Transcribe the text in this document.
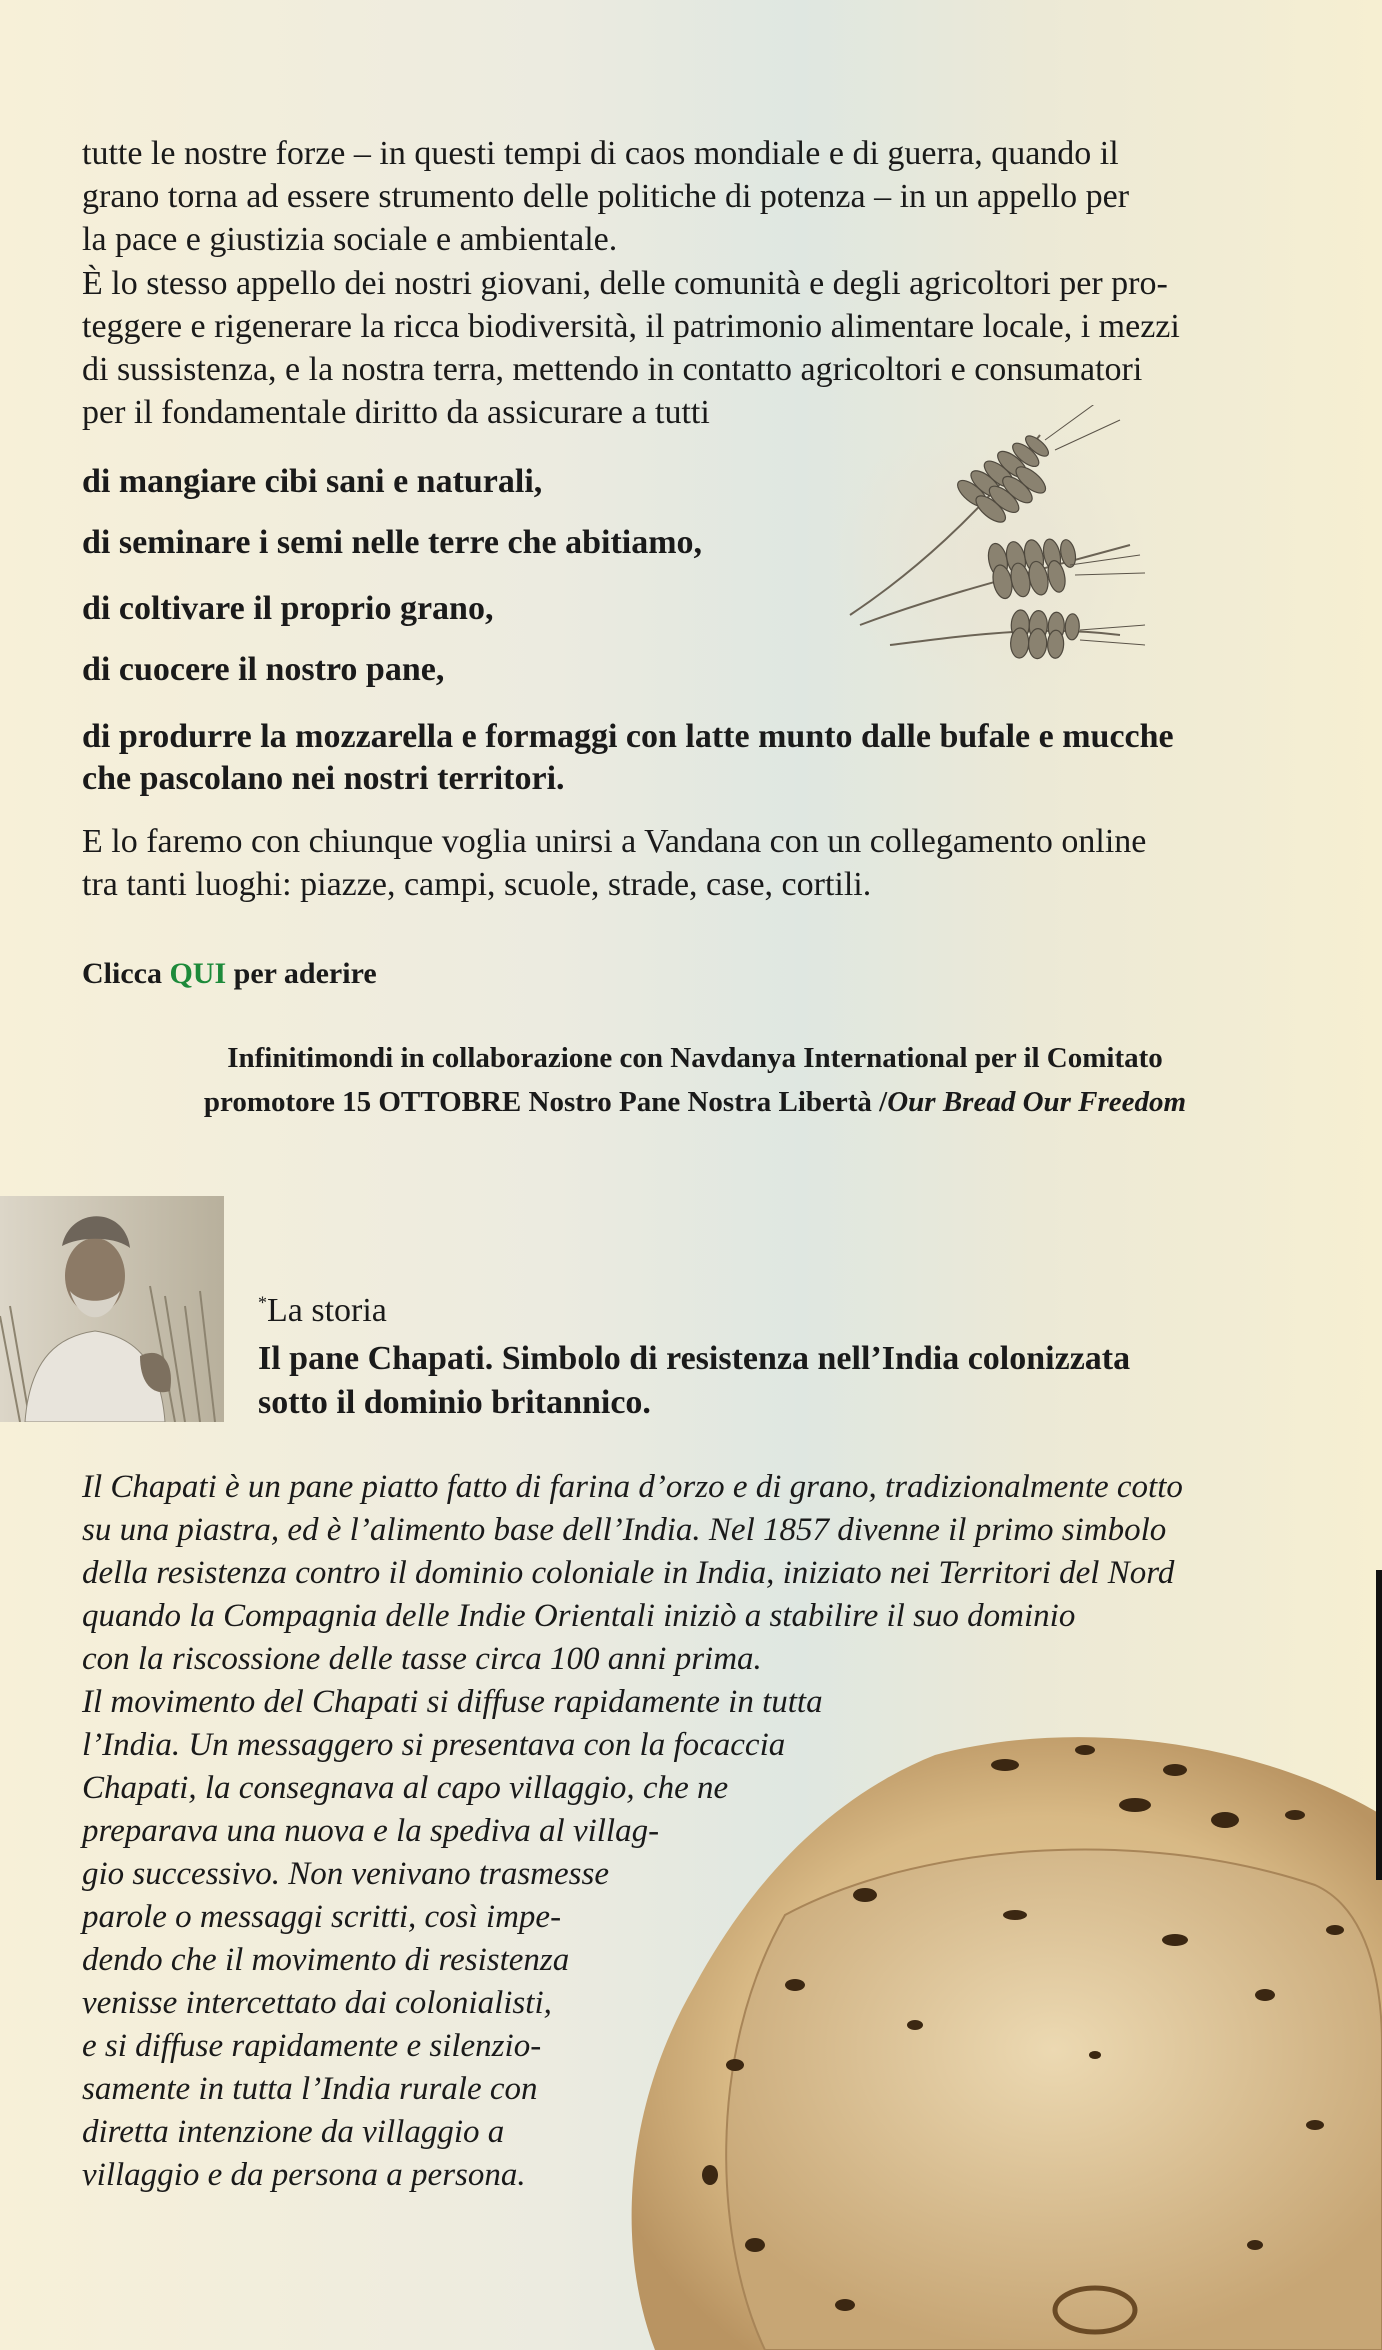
tutte le nostre forze – in questi tempi di caos mondiale e di guerra, quando il
grano torna ad essere strumento delle politiche di potenza – in un appello per
la pace e giustizia sociale e ambientale.
È lo stesso appello dei nostri giovani, delle comunità e degli agricoltori per pro-
teggere e rigenerare la ricca biodiversità, il patrimonio alimentare locale, i mezzi
di sussistenza, e la nostra terra, mettendo in contatto agricoltori e consumatori
per il fondamentale diritto da assicurare a tutti
di mangiare cibi sani e naturali,
di seminare i semi nelle terre che abitiamo,
di coltivare il proprio grano,
di cuocere il nostro pane,
di produrre la mozzarella e formaggi con latte munto dalle bufale e mucche
che pascolano nei nostri territori.
E lo faremo con chiunque voglia unirsi a Vandana con un collegamento online
tra tanti luoghi: piazze, campi, scuole, strade, case, cortili.
Clicca QUI per aderire
Infinitimondi in collaborazione con Navdanya International per il Comitato
promotore 15 OTTOBRE Nostro Pane Nostra Libertà /Our Bread Our Freedom
*La storia
Il pane Chapati. Simbolo di resistenza nell’India colonizzata
sotto il dominio britannico.
Il Chapati è un pane piatto fatto di farina d’orzo e di grano, tradizionalmente cotto
su una piastra, ed è l’alimento base dell’India. Nel 1857 divenne il primo simbolo
della resistenza contro il dominio coloniale in India, iniziato nei Territori del Nord
quando la Compagnia delle Indie Orientali iniziò a stabilire il suo dominio
con la riscossione delle tasse circa 100 anni prima.
Il movimento del Chapati si diffuse rapidamente in tutta
l’India. Un messaggero si presentava con la focaccia
Chapati, la consegnava al capo villaggio, che ne
preparava una nuova e la spediva al villag-
gio successivo. Non venivano trasmesse
parole o messaggi scritti, così impe-
dendo che il movimento di resistenza
venisse intercettato dai colonialisti,
e si diffuse rapidamente e silenzio-
samente in tutta l’India rurale con
diretta intenzione da villaggio a
villaggio e da persona a persona.
